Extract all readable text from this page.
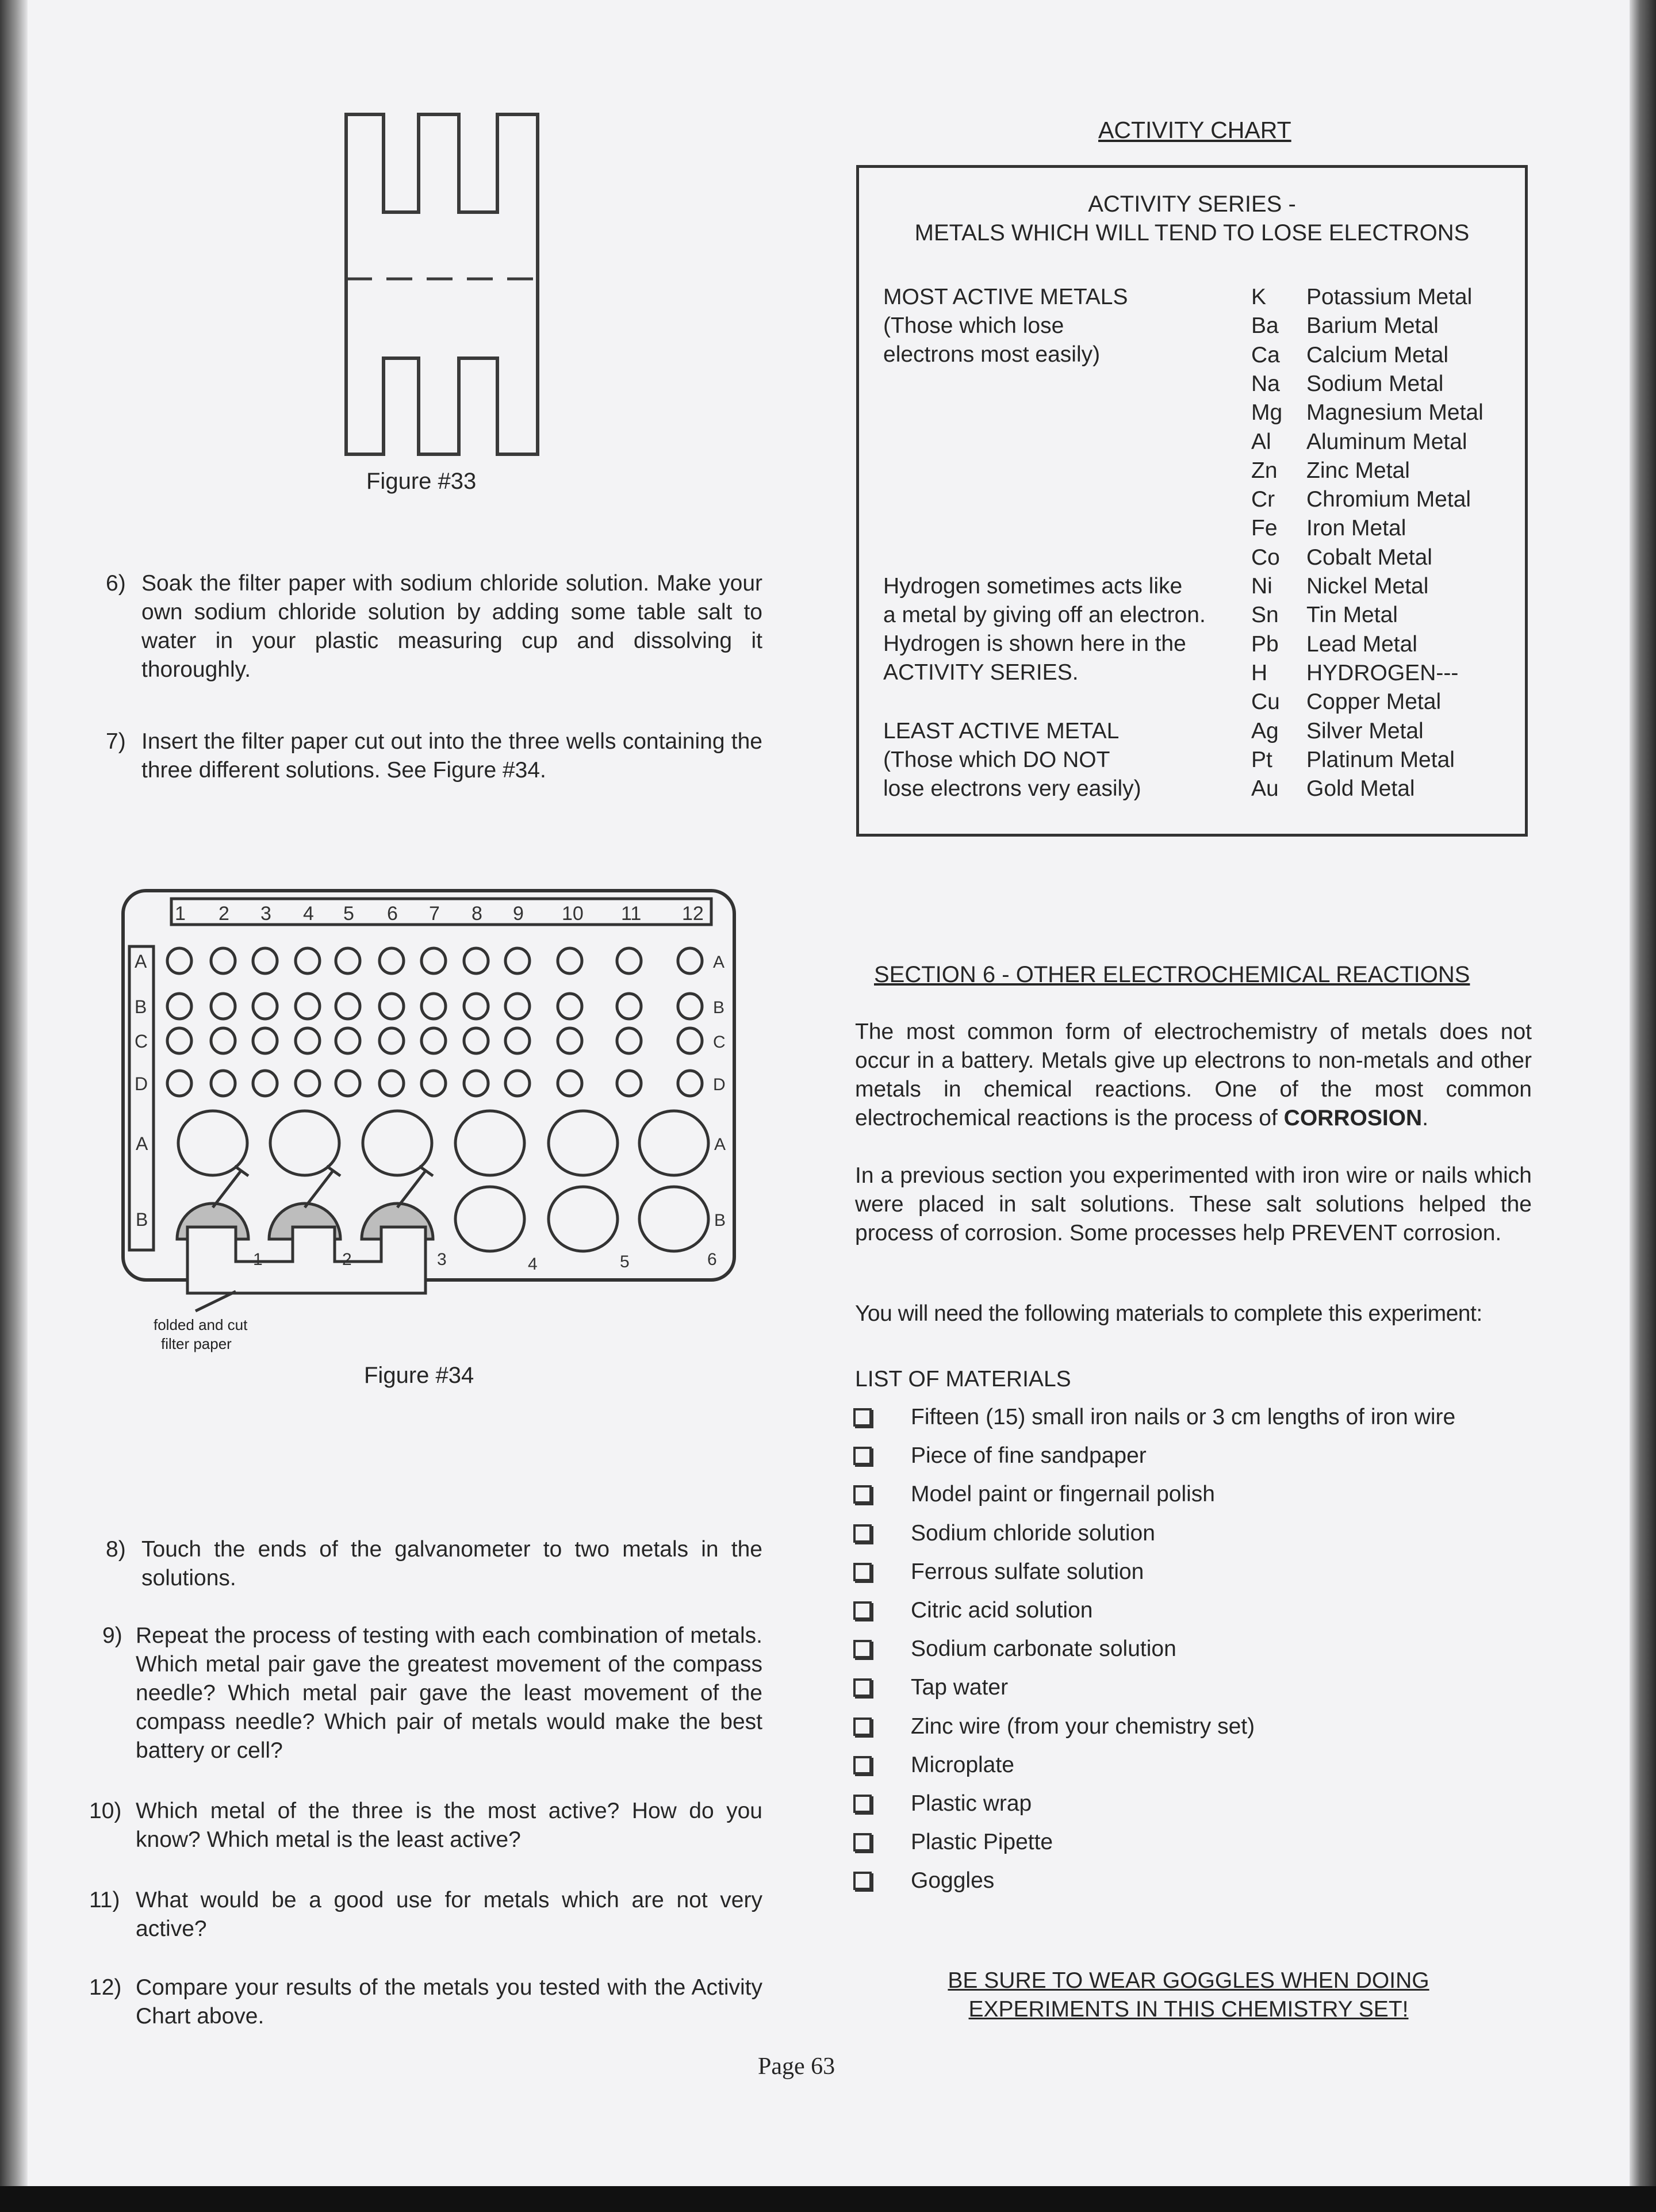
Figure #33
6) Soak the filter paper with sodium chloride solution. Make your own sodium chloride solution by adding some table salt to water in your plastic measuring cup and dissolving it thoroughly.
7) Insert the filter paper cut out into the three wells containing the three different solutions. See Figure #34.
1 2 3 4 5 6 7 8 9 10 11 12
A	A
B	B
C	C
D	D
A	A
B	B
1	2	3	4	5	6
folded and cut
filter paper
Figure #34
8) Touch the ends of the galvanometer to two metals in the solutions.
9) Repeat the process of testing with each combination of metals. Which metal pair gave the greatest movement of the compass needle? Which metal pair gave the least movement of the compass needle? Which pair of metals would make the best battery or cell?
10) Which metal of the three is the most active? How do you know? Which metal is the least active?
11) What would be a good use for metals which are not very active?
12) Compare your results of the metals you tested with the Activity Chart above.
ACTIVITY CHART
ACTIVITY SERIES -
METALS WHICH WILL TEND TO LOSE ELECTRONS
MOST ACTIVE METALS
(Those which lose
electrons most easily)
Hydrogen sometimes acts like
a metal by giving off an electron.
Hydrogen is shown here in the
ACTIVITY SERIES.
LEAST ACTIVE METAL
(Those which DO NOT
lose electrons very easily)
K Potassium Metal
Ba Barium Metal
Ca Calcium Metal
Na Sodium Metal
Mg Magnesium Metal
Al Aluminum Metal
Zn Zinc Metal
Cr Chromium Metal
Fe Iron Metal
Co Cobalt Metal
Ni Nickel Metal
Sn Tin Metal
Pb Lead Metal
H HYDROGEN---
Cu Copper Metal
Ag Silver Metal
Pt Platinum Metal
Au Gold Metal
SECTION 6 - OTHER ELECTROCHEMICAL REACTIONS
The most common form of electrochemistry of metals does not occur in a battery. Metals give up electrons to non-metals and other metals in chemical reactions. One of the most common electrochemical reactions is the process of CORROSION.
In a previous section you experimented with iron wire or nails which were placed in salt solutions. These salt solutions helped the process of corrosion. Some processes help PREVENT corrosion.
You will need the following materials to complete this experiment:
LIST OF MATERIALS
Fifteen (15) small iron nails or 3 cm lengths of iron wire
Piece of fine sandpaper
Model paint or fingernail polish
Sodium chloride solution
Ferrous sulfate solution
Citric acid solution
Sodium carbonate solution
Tap water
Zinc wire (from your chemistry set)
Microplate
Plastic wrap
Plastic Pipette
Goggles
BE SURE TO WEAR GOGGLES WHEN DOING
EXPERIMENTS IN THIS CHEMISTRY SET!
Page 63
